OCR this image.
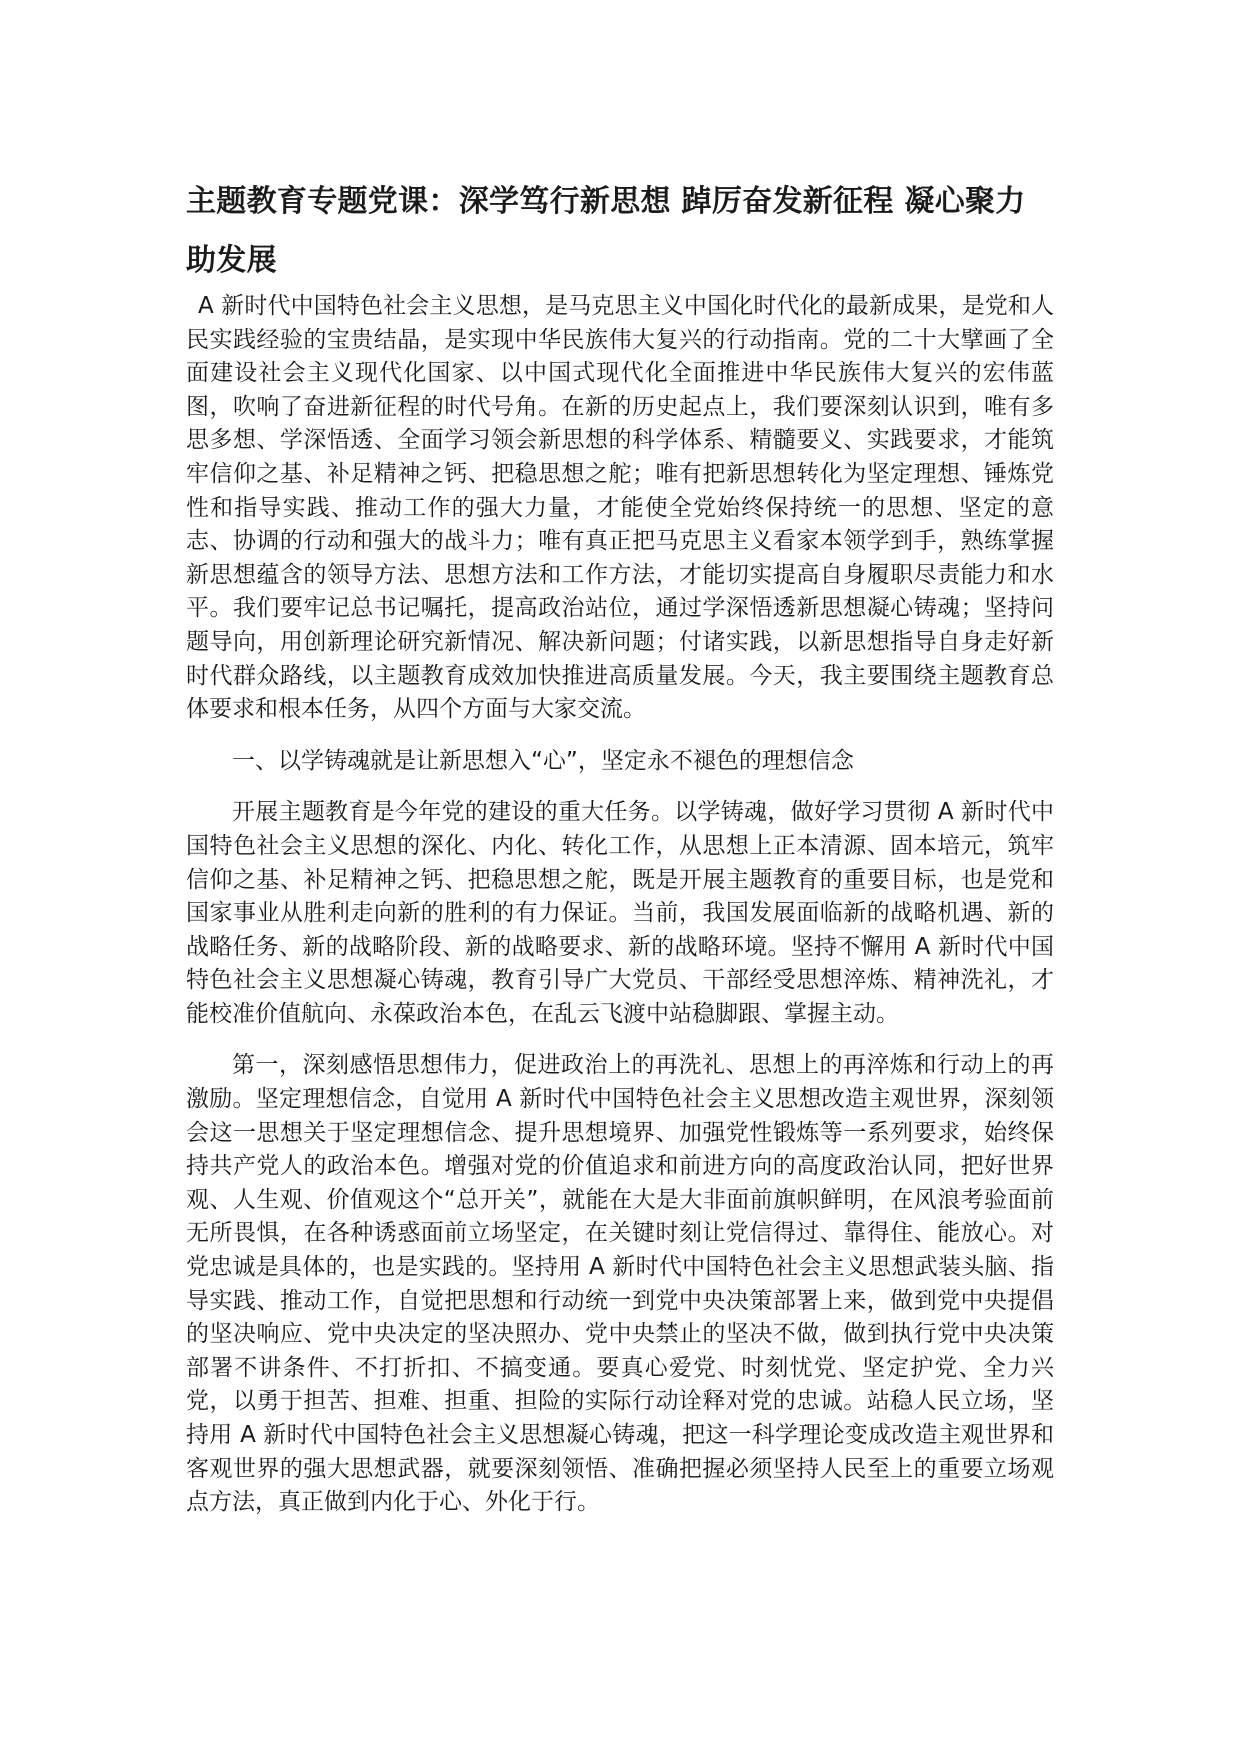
主题教育专题党课：深学笃行新思想 踔厉奋发新征程 凝心聚力助发展

A 新时代中国特色社会主义思想，是马克思主义中国化时代化的最新成果，是党和人民实践经验的宝贵结晶，是实现中华民族伟大复兴的行动指南。党的二十大擘画了全面建设社会主义现代化国家、以中国式现代化全面推进中华民族伟大复兴的宏伟蓝图，吹响了奋进新征程的时代号角。在新的历史起点上，我们要深刻认识到，唯有多思多想、学深悟透、全面学习领会新思想的科学体系、精髓要义、实践要求，才能筑牢信仰之基、补足精神之钙、把稳思想之舵；唯有把新思想转化为坚定理想、锤炼党性和指导实践、推动工作的强大力量，才能使全党始终保持统一的思想、坚定的意志、协调的行动和强大的战斗力；唯有真正把马克思主义看家本领学到手，熟练掌握新思想蕴含的领导方法、思想方法和工作方法，才能切实提高自身履职尽责能力和水平。我们要牢记总书记嘱托，提高政治站位，通过学深悟透新思想凝心铸魂；坚持问题导向，用创新理论研究新情况、解决新问题；付诸实践，以新思想指导自身走好新时代群众路线，以主题教育成效加快推进高质量发展。今天，我主要围绕主题教育总体要求和根本任务，从四个方面与大家交流。

一、以学铸魂就是让新思想入“心”，坚定永不褪色的理想信念

开展主题教育是今年党的建设的重大任务。以学铸魂，做好学习贯彻 A 新时代中国特色社会主义思想的深化、内化、转化工作，从思想上正本清源、固本培元，筑牢信仰之基、补足精神之钙、把稳思想之舵，既是开展主题教育的重要目标，也是党和国家事业从胜利走向新的胜利的有力保证。当前，我国发展面临新的战略机遇、新的战略任务、新的战略阶段、新的战略要求、新的战略环境。坚持不懈用 A 新时代中国特色社会主义思想凝心铸魂，教育引导广大党员、干部经受思想淬炼、精神洗礼，才能校准价值航向、永葆政治本色，在乱云飞渡中站稳脚跟、掌握主动。

第一，深刻感悟思想伟力，促进政治上的再洗礼、思想上的再淬炼和行动上的再激励。坚定理想信念，自觉用 A 新时代中国特色社会主义思想改造主观世界，深刻领会这一思想关于坚定理想信念、提升思想境界、加强党性锻炼等一系列要求，始终保持共产党人的政治本色。增强对党的价值追求和前进方向的高度政治认同，把好世界观、人生观、价值观这个“总开关”，就能在大是大非面前旗帜鲜明，在风浪考验面前无所畏惧，在各种诱惑面前立场坚定，在关键时刻让党信得过、靠得住、能放心。对党忠诚是具体的，也是实践的。坚持用 A 新时代中国特色社会主义思想武装头脑、指导实践、推动工作，自觉把思想和行动统一到党中央决策部署上来，做到党中央提倡的坚决响应、党中央决定的坚决照办、党中央禁止的坚决不做，做到执行党中央决策部署不讲条件、不打折扣、不搞变通。要真心爱党、时刻忧党、坚定护党、全力兴党，以勇于担苦、担难、担重、担险的实际行动诠释对党的忠诚。站稳人民立场，坚持用 A 新时代中国特色社会主义思想凝心铸魂，把这一科学理论变成改造主观世界和客观世界的强大思想武器，就要深刻领悟、准确把握必须坚持人民至上的重要立场观点方法，真正做到内化于心、外化于行。
